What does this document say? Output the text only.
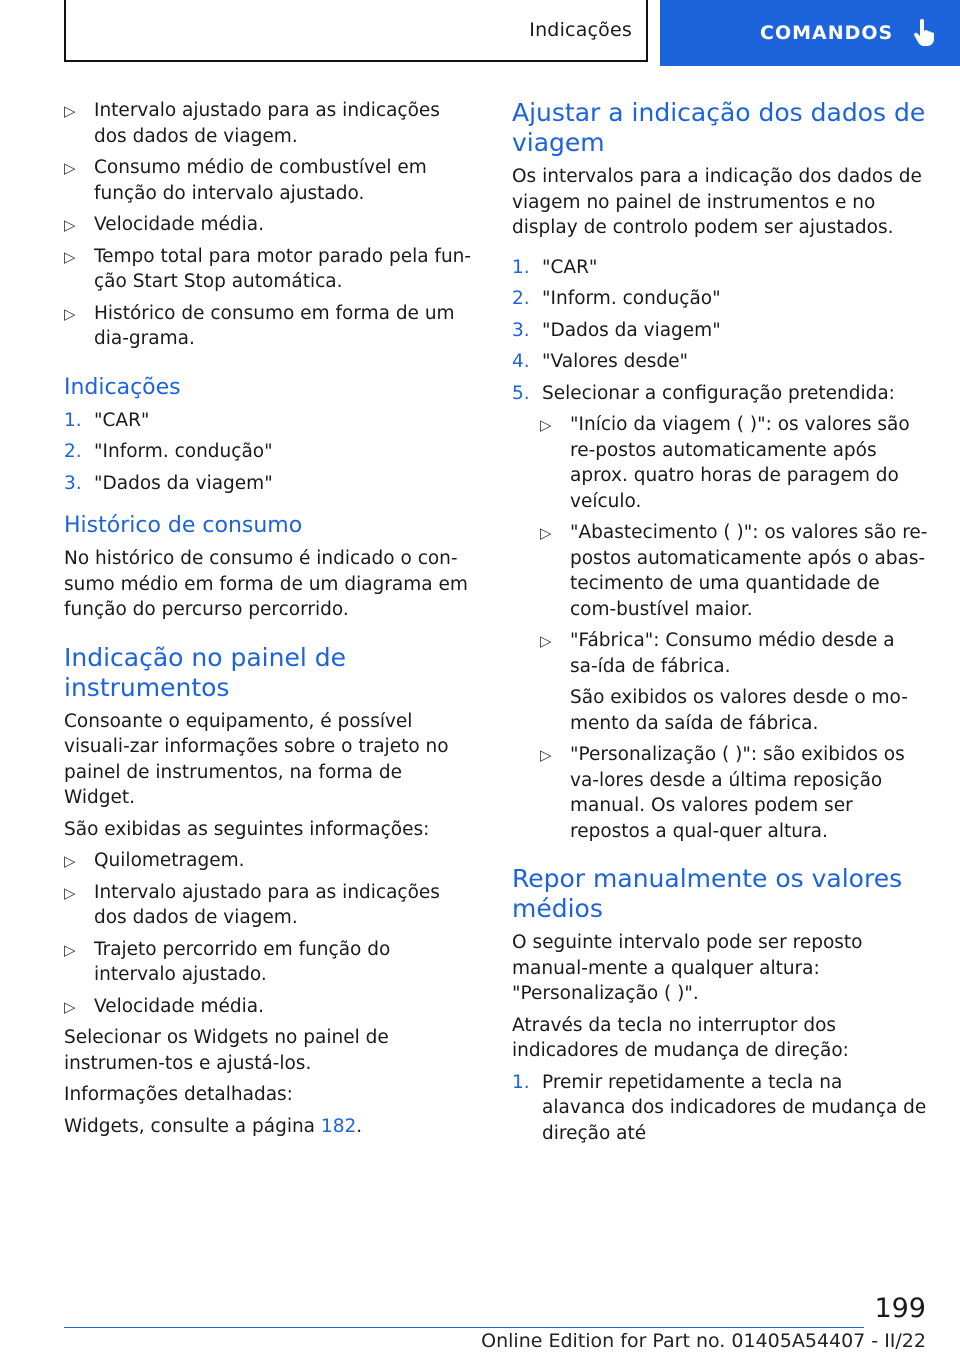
Indicações	COMANDOS
▷ Intervalo ajustado para as indicações dos dados de viagem.
▷ Consumo médio de combustível em função do intervalo ajustado.
▷ Velocidade média.
▷ Tempo total para motor parado pela fun-ção Start Stop automática.
▷ Histórico de consumo em forma de um dia-grama.
Indicações
1. "CAR"
2. "Inform. condução"
3. "Dados da viagem"
Histórico de consumo
No histórico de consumo é indicado o con-sumo médio em forma de um diagrama em função do percurso percorrido.
Indicação no painel de instrumentos
Consoante o equipamento, é possível visuali-zar informações sobre o trajeto no painel de instrumentos, na forma de Widget.
São exibidas as seguintes informações:
▷ Quilometragem.
▷ Intervalo ajustado para as indicações dos dados de viagem.
▷ Trajeto percorrido em função do intervalo ajustado.
▷ Velocidade média.
Selecionar os Widgets no painel de instrumen-tos e ajustá-los.
Informações detalhadas:
Widgets, consulte a página 182.
Ajustar a indicação dos dados de viagem
Os intervalos para a indicação dos dados de viagem no painel de instrumentos e no display de controlo podem ser ajustados.
1. "CAR"
2. "Inform. condução"
3. "Dados da viagem"
4. "Valores desde"
5. Selecionar a configuração pretendida:
▷ "Início da viagem ( )": os valores são re-postos automaticamente após aprox. quatro horas de paragem do veículo.
▷ "Abastecimento ( )": os valores são re-postos automaticamente após o abas-tecimento de uma quantidade de com-bustível maior.
▷ "Fábrica": Consumo médio desde a sa-ída de fábrica.
São exibidos os valores desde o mo-mento da saída de fábrica.
▷ "Personalização ( )": são exibidos os va-lores desde a última reposição manual. Os valores podem ser repostos a qual-quer altura.
Repor manualmente os valores médios
O seguinte intervalo pode ser reposto manual-mente a qualquer altura: "Personalização ( )".
Através da tecla no interruptor dos indicadores de mudança de direção:
1. Premir repetidamente a tecla na alavanca dos indicadores de mudança de direção até
199
Online Edition for Part no. 01405A54407 - II/22
